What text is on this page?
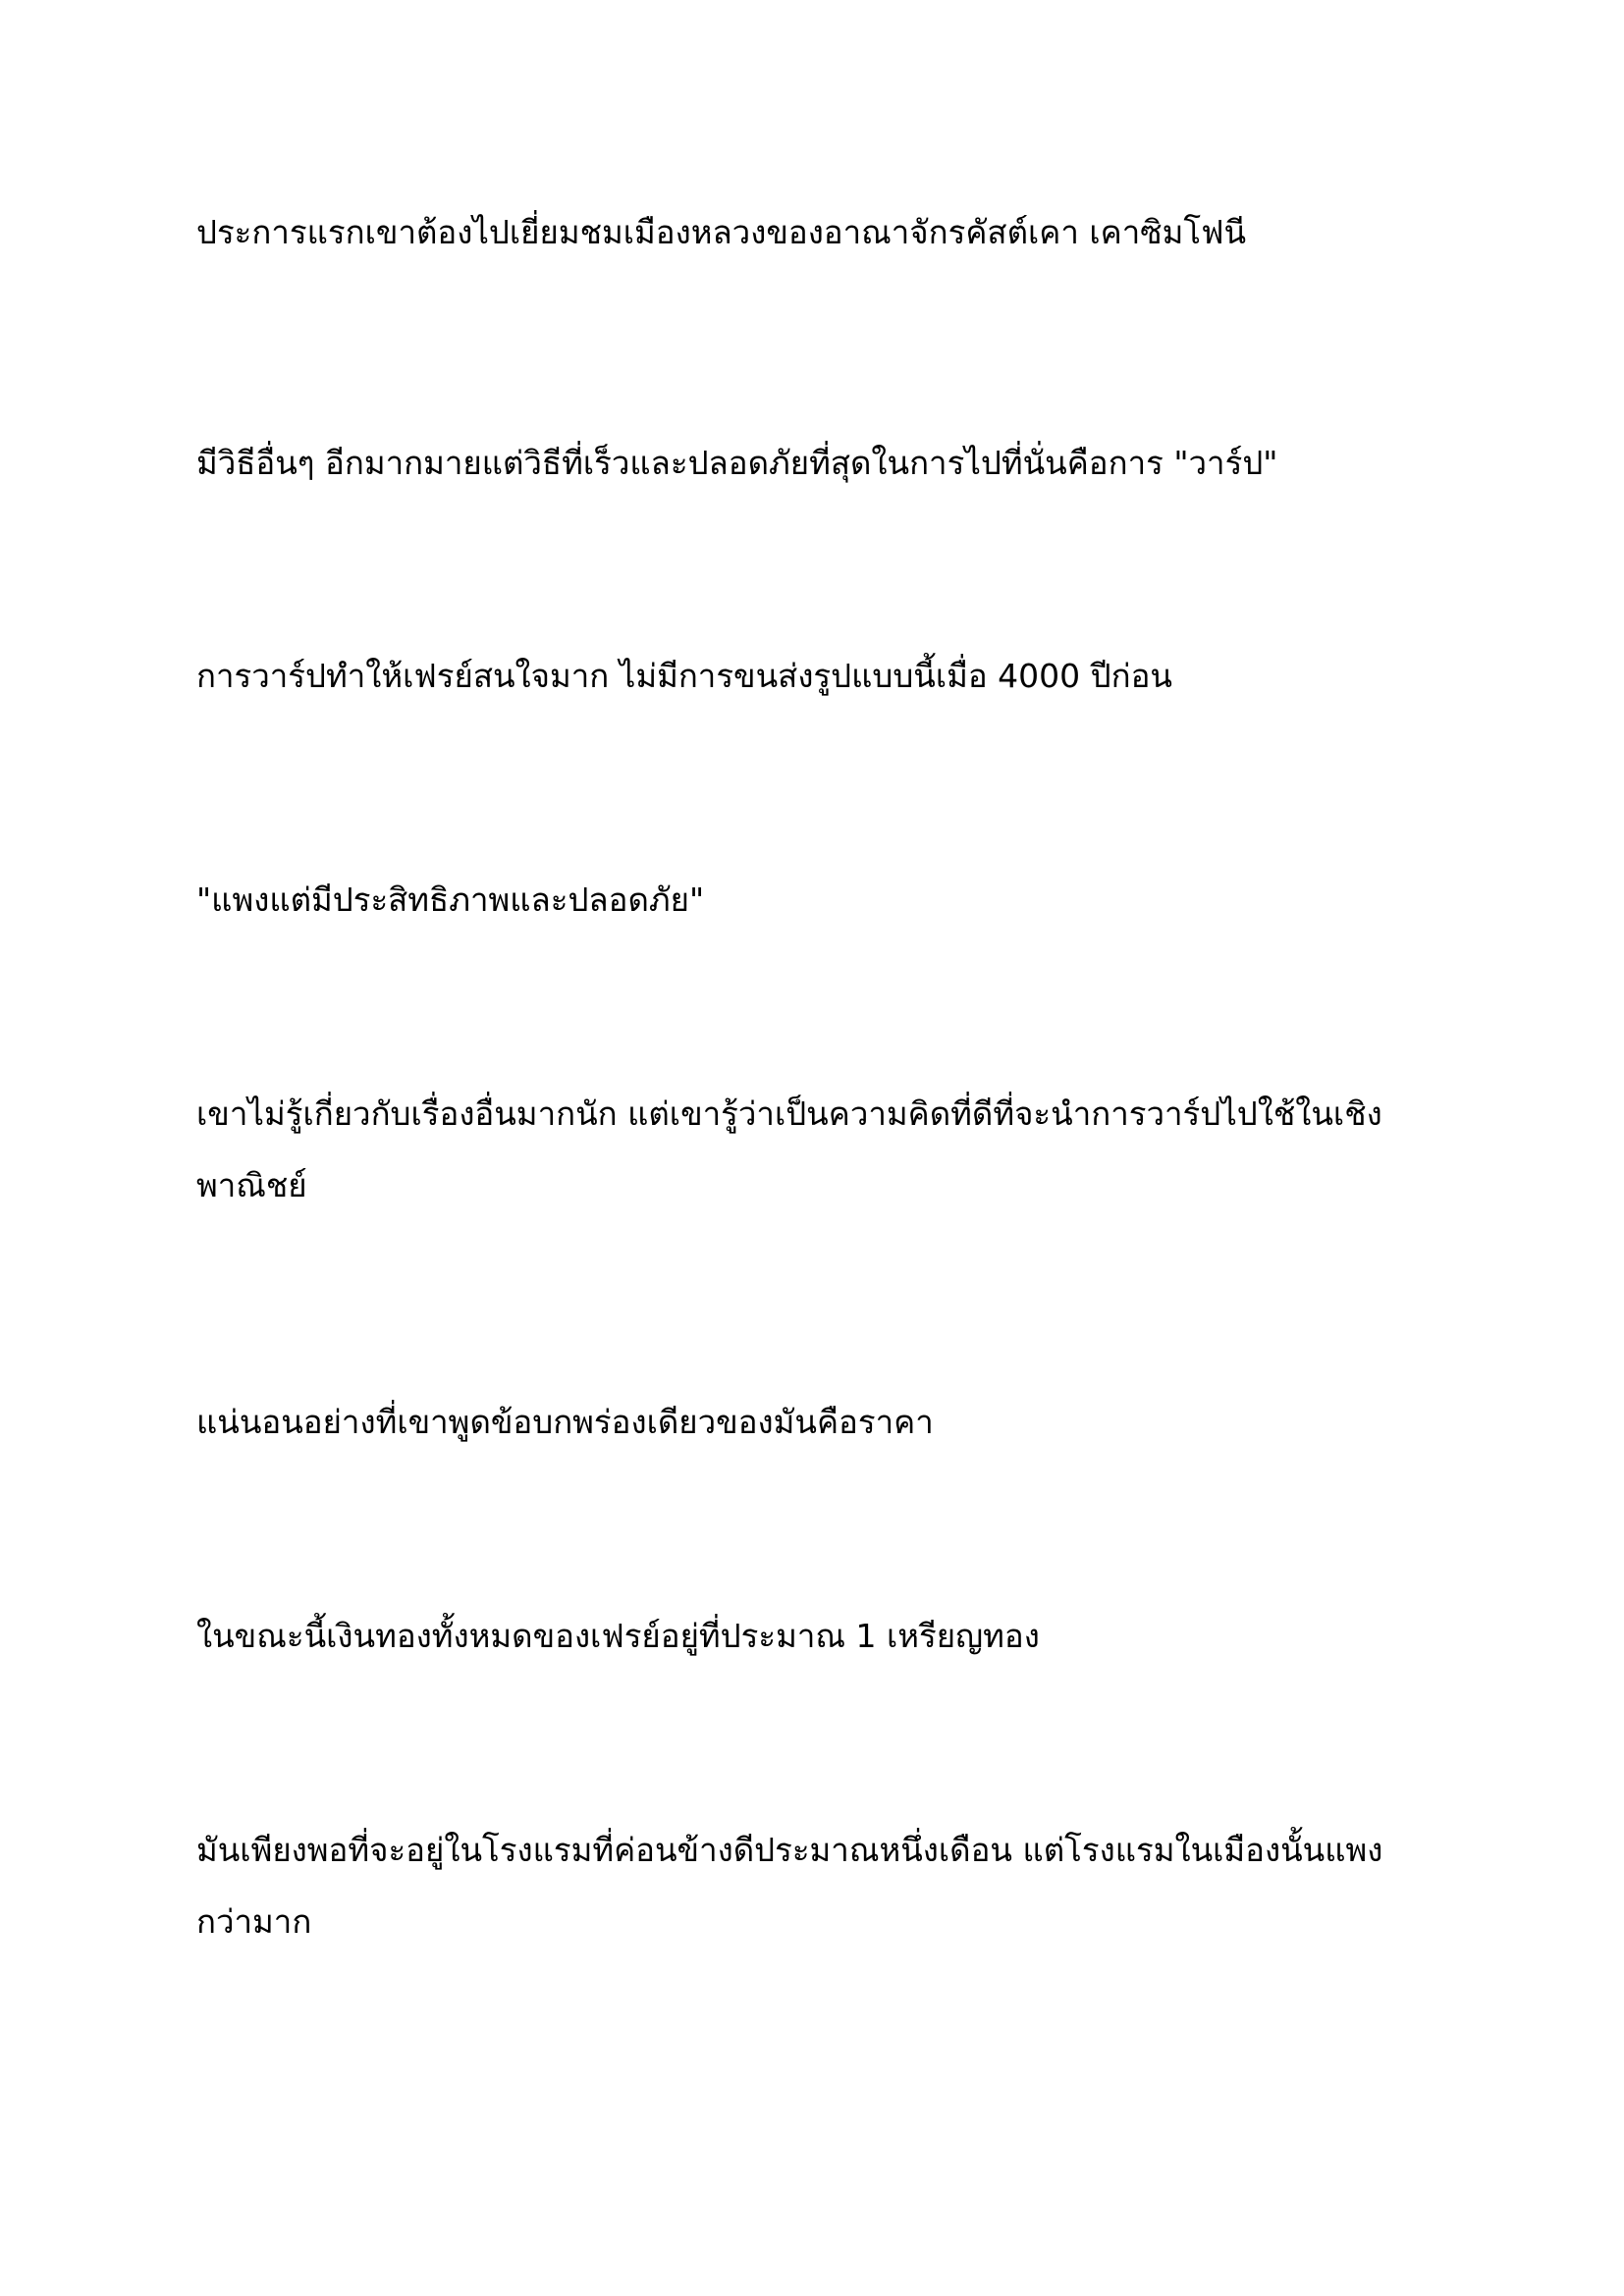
ประการแรกเขาต้องไปเยี่ยมชมเมืองหลวงของอาณาจักรคัสต์เคา เคาซิมโฟนี

มีวิธีอื่นๆ อีกมากมายแต่วิธีที่เร็วและปลอดภัยที่สุดในการไปที่นั่นคือการ "วาร์ป"

การวาร์ปทำให้เฟรย์สนใจมาก ไม่มีการขนส่งรูปแบบนี้เมื่อ 4000 ปีก่อน

"แพงแต่มีประสิทธิภาพและปลอดภัย"

เขาไม่รู้เกี่ยวกับเรื่องอื่นมากนัก แต่เขารู้ว่าเป็นความคิดที่ดีที่จะนำการวาร์ปไปใช้ในเชิงพาณิชย์

แน่นอนอย่างที่เขาพูดข้อบกพร่องเดียวของมันคือราคา

ในขณะนี้เงินทองทั้งหมดของเฟรย์อยู่ที่ประมาณ 1 เหรียญทอง

มันเพียงพอที่จะอยู่ในโรงแรมที่ค่อนข้างดีประมาณหนึ่งเดือน แต่โรงแรมในเมืองนั้นแพงกว่ามาก
